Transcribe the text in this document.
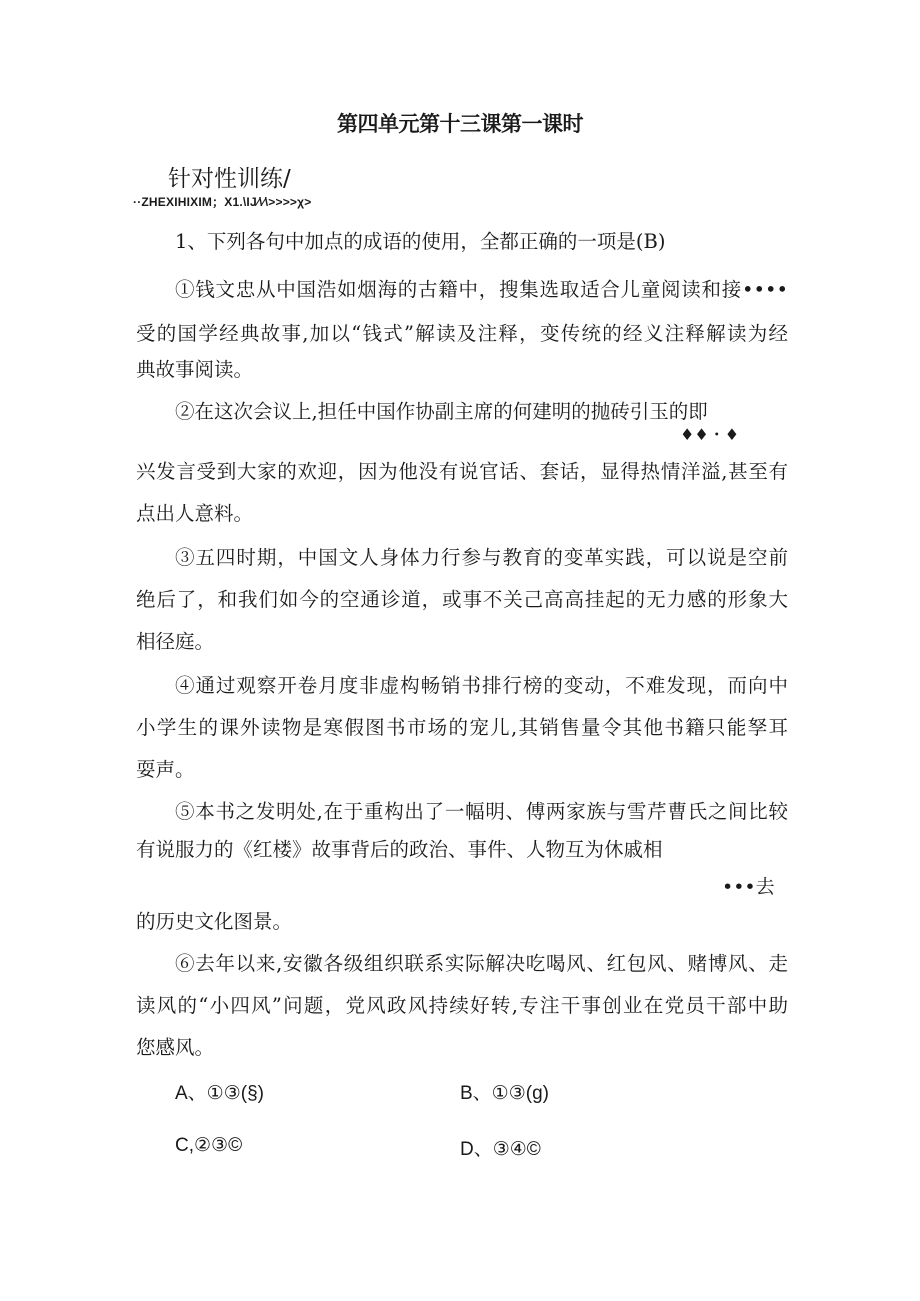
第四单元第十三课第一课时
针对性训练/
··ZHEXIHIXIM；X1.\IJ∕\∕\>>>>χ>
1、下列各句中加点的成语的使用，全都正确的一项是(B)
①钱文忠从中国浩如烟海的古籍中，搜集选取适合儿童阅读和接••••
受的国学经典故事,加以“钱式”解读及注释，变传统的经义注释解读为经
典故事阅读。
②在这次会议上,担任中国作协副主席的何建明的抛砖引玉的即
♦♦・♦
兴发言受到大家的欢迎，因为他没有说官话、套话，显得热情洋溢,甚至有
点出人意料。
③五四时期，中国文人身体力行参与教育的变革实践，可以说是空前
绝后了，和我们如今的空通诊道，或事不关己高高挂起的无力感的形象大
相径庭。
④通过观察开卷月度非虚构畅销书排行榜的变动，不难发现，而向中
小学生的课外读物是寒假图书市场的宠儿,其销售量令其他书籍只能孥耳
耍声。
⑤本书之发明处,在于重构出了一幅明、傅两家族与雪芹曹氏之间比较
有说服力的《红楼》故事背后的政治、事件、人物互为休戚相
•••去
的历史文化图景。
⑥去年以来,安徽各级组织联系实际解决吃喝风、红包风、赌博风、走
读风的“小四风”问题，党风政风持续好转,专注干事创业在党员干部中助
您感风。
A、①③(§)	B、①③(g)
C,②③©	D、③④©
